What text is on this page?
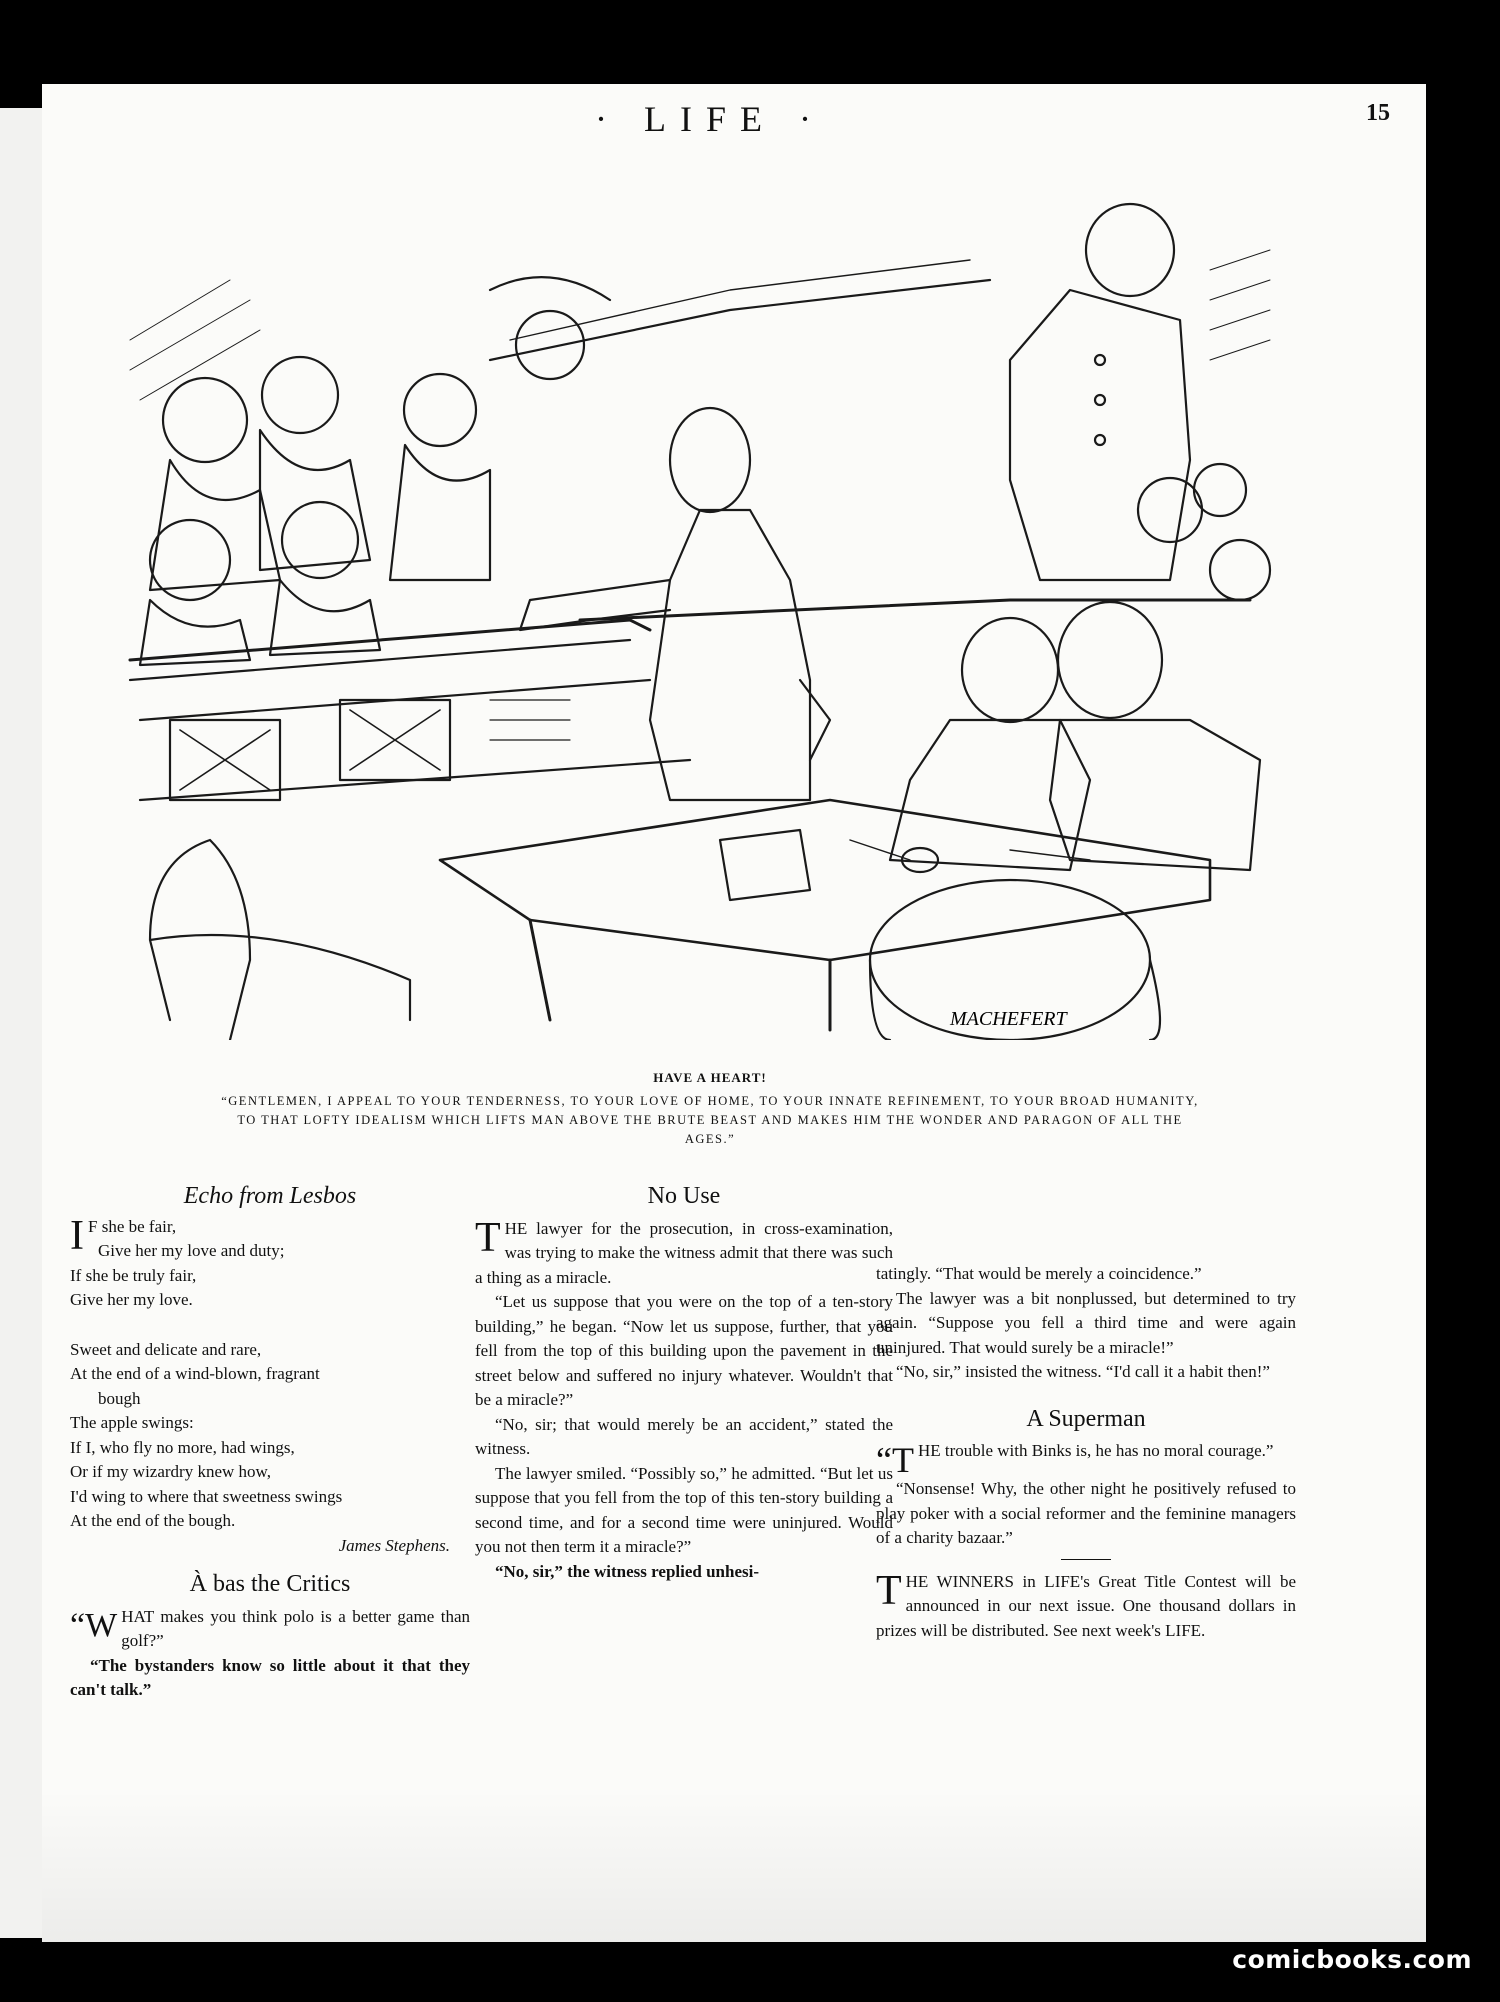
· LIFE ·	15
MACHEFERT
HAVE A HEART!
“GENTLEMEN, I APPEAL TO YOUR TENDERNESS, TO YOUR LOVE OF HOME, TO YOUR INNATE REFINEMENT, TO YOUR BROAD HUMANITY, TO THAT LOFTY IDEALISM WHICH LIFTS MAN ABOVE THE BRUTE BEAST AND MAKES HIM THE WONDER AND PARAGON OF ALL THE AGES.”
Echo from Lesbos

I F she be fair,

Give her my love and duty;

If she be truly fair,

Give her my love.

Sweet and delicate and rare,

At the end of a wind-blown, fragrant

bough

The apple swings:

If I, who fly no more, had wings,

Or if my wizardry knew how,

I'd wing to where that sweetness swings

At the end of the bough.

James Stephens.

À bas the Critics

“WHAT makes you think polo is a better game than golf?”

“The bystanders know so little about it that they can't talk.”

No Use

THE lawyer for the prosecution, in cross-examination, was trying to make the witness admit that there was such a thing as a miracle.

“Let us suppose that you were on the top of a ten-story building,” he began. “Now let us suppose, further, that you fell from the top of this building upon the pavement in the street below and suffered no injury whatever. Wouldn't that be a miracle?”

“No, sir; that would merely be an accident,” stated the witness.

The lawyer smiled. “Possibly so,” he admitted. “But let us suppose that you fell from the top of this ten-story building a second time, and for a second time were uninjured. Would you not then term it a miracle?”

“No, sir,” the witness replied unhesi-

tatingly. “That would be merely a coincidence.”

The lawyer was a bit nonplussed, but determined to try again. “Suppose you fell a third time and were again uninjured. That would surely be a miracle!”

“No, sir,” insisted the witness. “I'd call it a habit then!”

A Superman

“THE trouble with Binks is, he has no moral courage.”

“Nonsense! Why, the other night he positively refused to play poker with a social reformer and the feminine managers of a charity bazaar.”

THE WINNERS in LIFE's Great Title Contest will be announced in our next issue. One thousand dollars in prizes will be distributed. See next week's LIFE.

comicbooks.com
